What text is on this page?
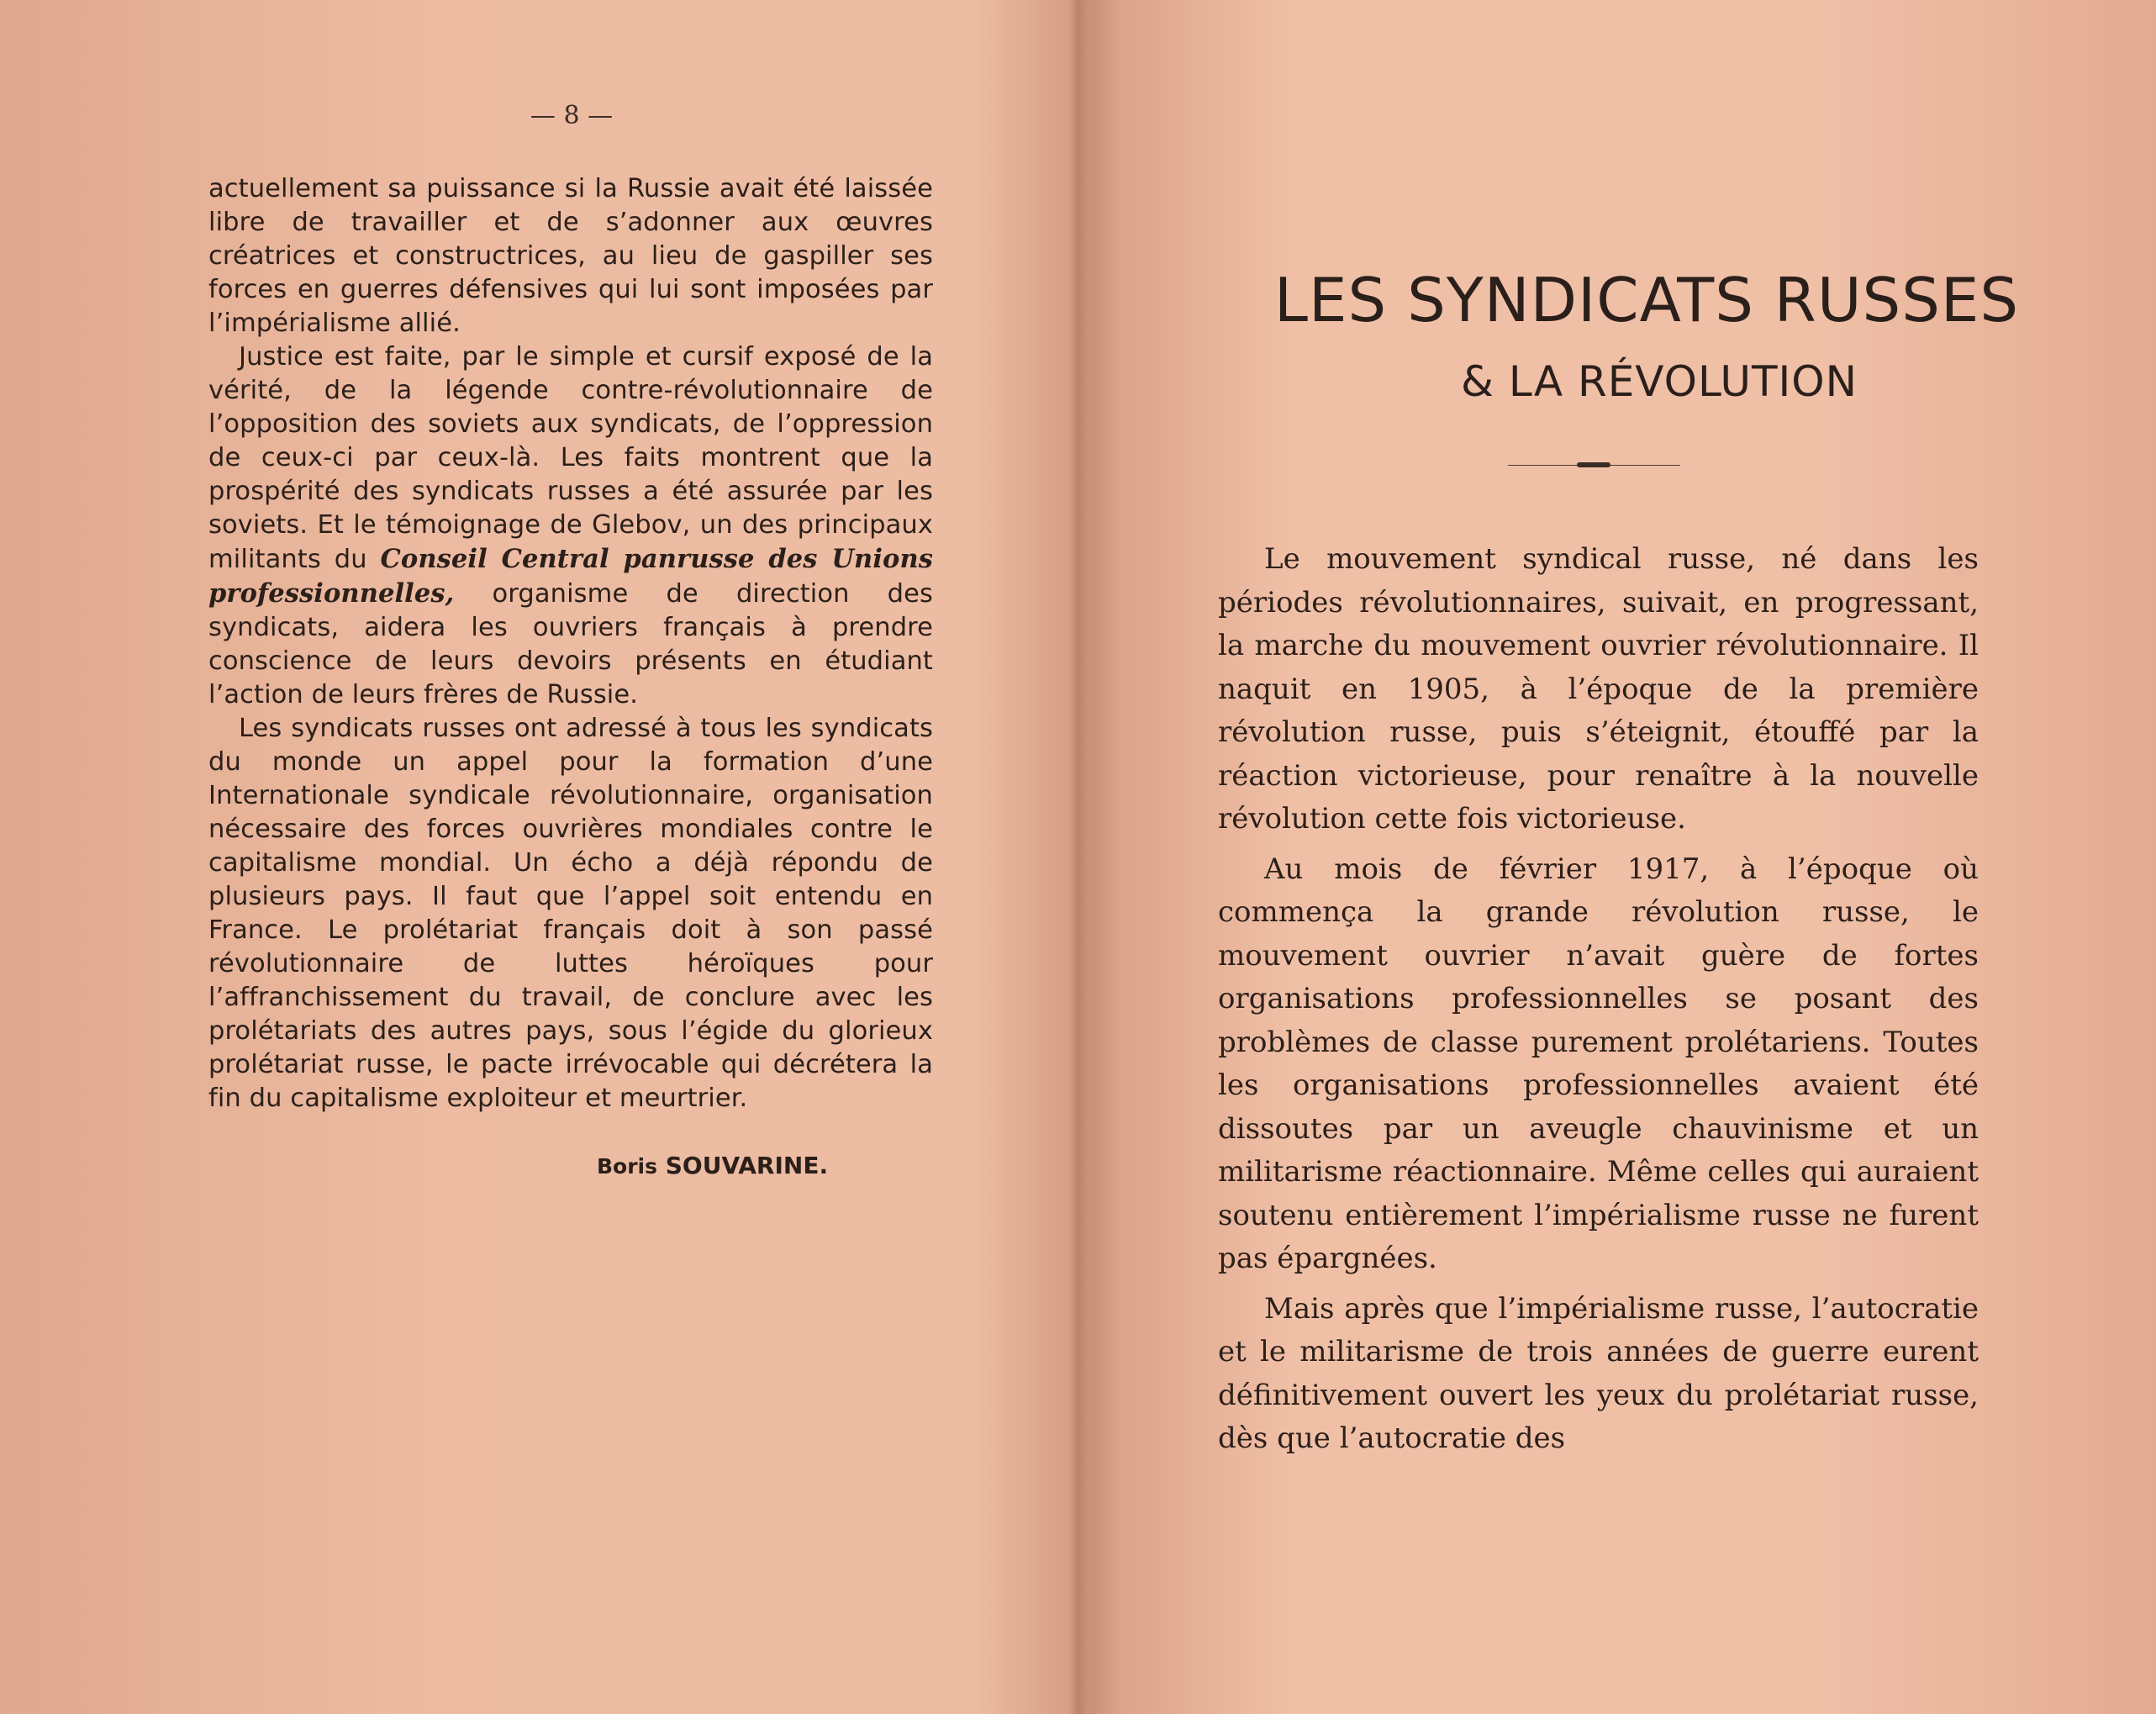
— 8 —

actuellement sa puissance si la Russie avait été laissée libre de travailler et de s’adonner aux œuvres créatrices et constructrices, au lieu de gaspiller ses forces en guerres défensives qui lui sont imposées par l’impérialisme allié.

Justice est faite, par le simple et cursif exposé de la vérité, de la légende contre-révolutionnaire de l’opposition des soviets aux syndicats, de l’oppression de ceux-ci par ceux-là. Les faits montrent que la prospérité des syndicats russes a été assurée par les soviets. Et le témoignage de Glebov, un des principaux militants du Conseil Central panrusse des Unions professionnelles, organisme de direction des syndicats, aidera les ouvriers français à prendre conscience de leurs devoirs présents en étudiant l’action de leurs frères de Russie.

Les syndicats russes ont adressé à tous les syndicats du monde un appel pour la formation d’une Internationale syndicale révolutionnaire, organisation nécessaire des forces ouvrières mondiales contre le capitalisme mondial. Un écho a déjà répondu de plusieurs pays. Il faut que l’appel soit entendu en France. Le prolétariat français doit à son passé révolutionnaire de luttes héroïques pour l’affranchissement du travail, de conclure avec les prolétariats des autres pays, sous l’égide du glorieux prolétariat russe, le pacte irrévocable qui décrétera la fin du capitalisme exploiteur et meurtrier.

Boris SOUVARINE.
LES SYNDICATS RUSSES
& LA RÉVOLUTION

Le mouvement syndical russe, né dans les périodes révolutionnaires, suivait, en progressant, la marche du mouvement ouvrier révolutionnaire. Il naquit en 1905, à l’époque de la première révolution russe, puis s’éteignit, étouffé par la réaction victorieuse, pour renaître à la nouvelle révolution cette fois victorieuse.

Au mois de février 1917, à l’époque où commença la grande révolution russe, le mouvement ouvrier n’avait guère de fortes organisations professionnelles se posant des problèmes de classe purement prolétariens. Toutes les organisations professionnelles avaient été dissoutes par un aveugle chauvinisme et un militarisme réactionnaire. Même celles qui auraient soutenu entièrement l’impérialisme russe ne furent pas épargnées.

Mais après que l’impérialisme russe, l’autocratie et le militarisme de trois années de guerre eurent définitivement ouvert les yeux du prolétariat russe, dès que l’autocratie des
